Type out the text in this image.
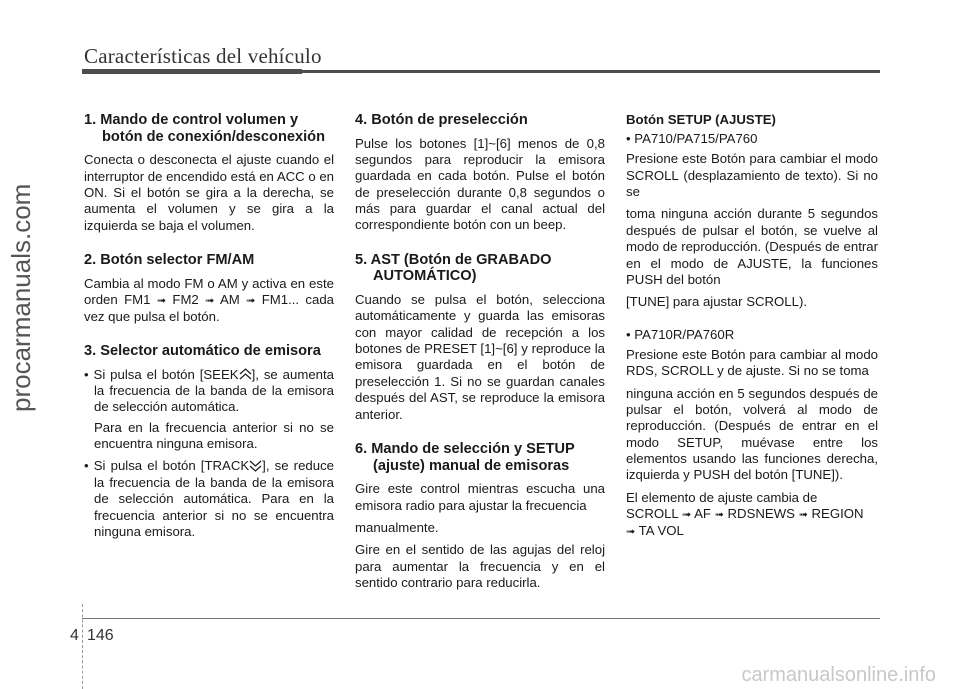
Características del vehículo
procarmanuals.com
carmanualsonline.info
1. Mando de control volumen y botón de conexión/desconexión

Conecta o desconecta el ajuste cuando el interruptor de encendido está en ACC o en ON. Si el botón se gira a la derecha, se aumenta el volumen y se gira a la izquierda se baja el volumen.

2. Botón selector FM/AM

Cambia al modo FM o AM y activa en este orden FM1 ➟ FM2 ➟ AM ➟ FM1... cada vez que pulsa el botón.

3. Selector automático de emisora

• Si pulsa el botón [SEEK ], se aumenta la frecuencia de la banda de la emisora de selección automática.

Para en la frecuencia anterior si no se encuentra ninguna emisora.

• Si pulsa el botón [TRACK ], se reduce la frecuencia de la banda de la emisora de selección automática. Para en la frecuencia anterior si no se encuentra ninguna emisora.

4. Botón de preselección

Pulse los botones [1]~[6] menos de 0,8 segundos para reproducir la emisora guardada en cada botón. Pulse el botón de preselección durante 0,8 segundos o más para guardar el canal actual del correspondiente botón con un beep.

5. AST (Botón de GRABADO AUTOMÁTICO)

Cuando se pulsa el botón, selecciona automáticamente y guarda las emisoras con mayor calidad de recepción a los botones de PRESET [1]~[6] y reproduce la emisora guardada en el botón de preselección 1. Si no se guardan canales después del AST, se reproduce la emisora anterior.

6. Mando de selección y SETUP (ajuste) manual de emisoras

Gire este control mientras escucha una emisora radio para ajustar la frecuencia

manualmente.

Gire en el sentido de las agujas del reloj para aumentar la frecuencia y en el sentido contrario para reducirla.

Botón SETUP (AJUSTE)

• PA710/PA715/PA760

Presione este Botón para cambiar el modo SCROLL (desplazamiento de texto). Si no se

toma ninguna acción durante 5 segundos después de pulsar el botón, se vuelve al modo de reproducción. (Después de entrar en el modo de AJUSTE, la funciones PUSH del botón

[TUNE] para ajustar SCROLL).

• PA710R/PA760R

Presione este Botón para cambiar al modo RDS, SCROLL y de ajuste. Si no se toma

ninguna acción en 5 segundos después de pulsar el botón, volverá al modo de reproducción. (Después de entrar en el modo SETUP, muévase entre los elementos usando las funciones derecha, izquierda y PUSH del botón [TUNE]).

El elemento de ajuste cambia de
SCROLL ➟ AF ➟ RDSNEWS ➟ REGION
➟ TA VOL

4 146
